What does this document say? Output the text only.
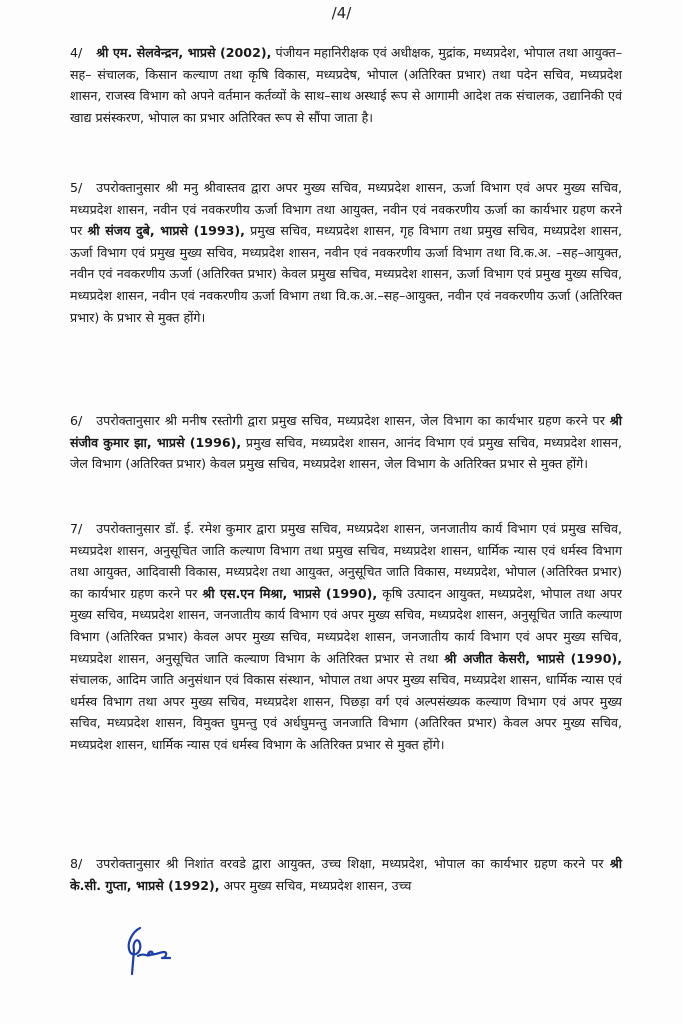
/4/

4/ श्री एम. सेलवेन्द्रन, भाप्रसे (2002), पंजीयन महानिरीक्षक एवं अधीक्षक, मुद्रांक, मध्यप्रदेश, भोपाल तथा आयुक्त–सह– संचालक, किसान कल्याण तथा कृषि विकास, मध्यप्रदेष, भोपाल (अतिरिक्त प्रभार) तथा पदेन सचिव, मध्यप्रदेश शासन, राजस्व विभाग को अपने वर्तमान कर्तव्यों के साथ–साथ अस्थाई रूप से आगामी आदेश तक संचालक, उद्यानिकी एवं खाद्य प्रसंस्करण, भोपाल का प्रभार अतिरिक्त रूप से सौंपा जाता है।

5/ उपरोक्तानुसार श्री मनु श्रीवास्तव द्वारा अपर मुख्य सचिव, मध्यप्रदेश शासन, ऊर्जा विभाग एवं अपर मुख्य सचिव, मध्यप्रदेश शासन, नवीन एवं नवकरणीय ऊर्जा विभाग तथा आयुक्त, नवीन एवं नवकरणीय ऊर्जा का कार्यभार ग्रहण करने पर श्री संजय दुबे, भाप्रसे (1993), प्रमुख सचिव, मध्यप्रदेश शासन, गृह विभाग तथा प्रमुख सचिव, मध्यप्रदेश शासन, ऊर्जा विभाग एवं प्रमुख मुख्य सचिव, मध्यप्रदेश शासन, नवीन एवं नवकरणीय ऊर्जा विभाग तथा वि.क.अ. –सह–आयुक्त, नवीन एवं नवकरणीय ऊर्जा (अतिरिक्त प्रभार) केवल प्रमुख सचिव, मध्यप्रदेश शासन, ऊर्जा विभाग एवं प्रमुख मुख्य सचिव, मध्यप्रदेश शासन, नवीन एवं नवकरणीय ऊर्जा विभाग तथा वि.क.अ.–सह–आयुक्त, नवीन एवं नवकरणीय ऊर्जा (अतिरिक्त प्रभार) के प्रभार से मुक्त होंगे।

6/ उपरोक्तानुसार श्री मनीष रस्तोगी द्वारा प्रमुख सचिव, मध्यप्रदेश शासन, जेल विभाग का कार्यभार ग्रहण करने पर श्री संजीव कुमार झा, भाप्रसे (1996), प्रमुख सचिव, मध्यप्रदेश शासन, आनंद विभाग एवं प्रमुख सचिव, मध्यप्रदेश शासन, जेल विभाग (अतिरिक्त प्रभार) केवल प्रमुख सचिव, मध्यप्रदेश शासन, जेल विभाग के अतिरिक्त प्रभार से मुक्त होंगे।

7/ उपरोक्तानुसार डॉ. ई. रमेश कुमार द्वारा प्रमुख सचिव, मध्यप्रदेश शासन, जनजातीय कार्य विभाग एवं प्रमुख सचिव, मध्यप्रदेश शासन, अनुसूचित जाति कल्याण विभाग तथा प्रमुख सचिव, मध्यप्रदेश शासन, धार्मिक न्यास एवं धर्मस्व विभाग तथा आयुक्त, आदिवासी विकास, मध्यप्रदेश तथा आयुक्त, अनुसूचित जाति विकास, मध्यप्रदेश, भोपाल (अतिरिक्त प्रभार) का कार्यभार ग्रहण करने पर श्री एस.एन मिश्रा, भाप्रसे (1990), कृषि उत्पादन आयुक्त, मध्यप्रदेश, भोपाल तथा अपर मुख्य सचिव, मध्यप्रदेश शासन, जनजातीय कार्य विभाग एवं अपर मुख्य सचिव, मध्यप्रदेश शासन, अनुसूचित जाति कल्याण विभाग (अतिरिक्त प्रभार) केवल अपर मुख्य सचिव, मध्यप्रदेश शासन, जनजातीय कार्य विभाग एवं अपर मुख्य सचिव, मध्यप्रदेश शासन, अनुसूचित जाति कल्याण विभाग के अतिरिक्त प्रभार से तथा श्री अजीत केसरी, भाप्रसे (1990), संचालक, आदिम जाति अनुसंधान एवं विकास संस्थान, भोपाल तथा अपर मुख्य सचिव, मध्यप्रदेश शासन, धार्मिक न्यास एवं धर्मस्व विभाग तथा अपर मुख्य सचिव, मध्यप्रदेश शासन, पिछड़ा वर्ग एवं अल्पसंख्यक कल्याण विभाग एवं अपर मुख्य सचिव, मध्यप्रदेश शासन, विमुक्त घुमन्तु एवं अर्धघुमन्तु जनजाति विभाग (अतिरिक्त प्रभार) केवल अपर मुख्य सचिव, मध्यप्रदेश शासन, धार्मिक न्यास एवं धर्मस्व विभाग के अतिरिक्त प्रभार से मुक्त होंगे।

8/ उपरोक्तानुसार श्री निशांत वरवडे द्वारा आयुक्त, उच्च शिक्षा, मध्यप्रदेश, भोपाल का कार्यभार ग्रहण करने पर श्री के.सी. गुप्ता, भाप्रसे (1992), अपर मुख्य सचिव, मध्यप्रदेश शासन, उच्च
